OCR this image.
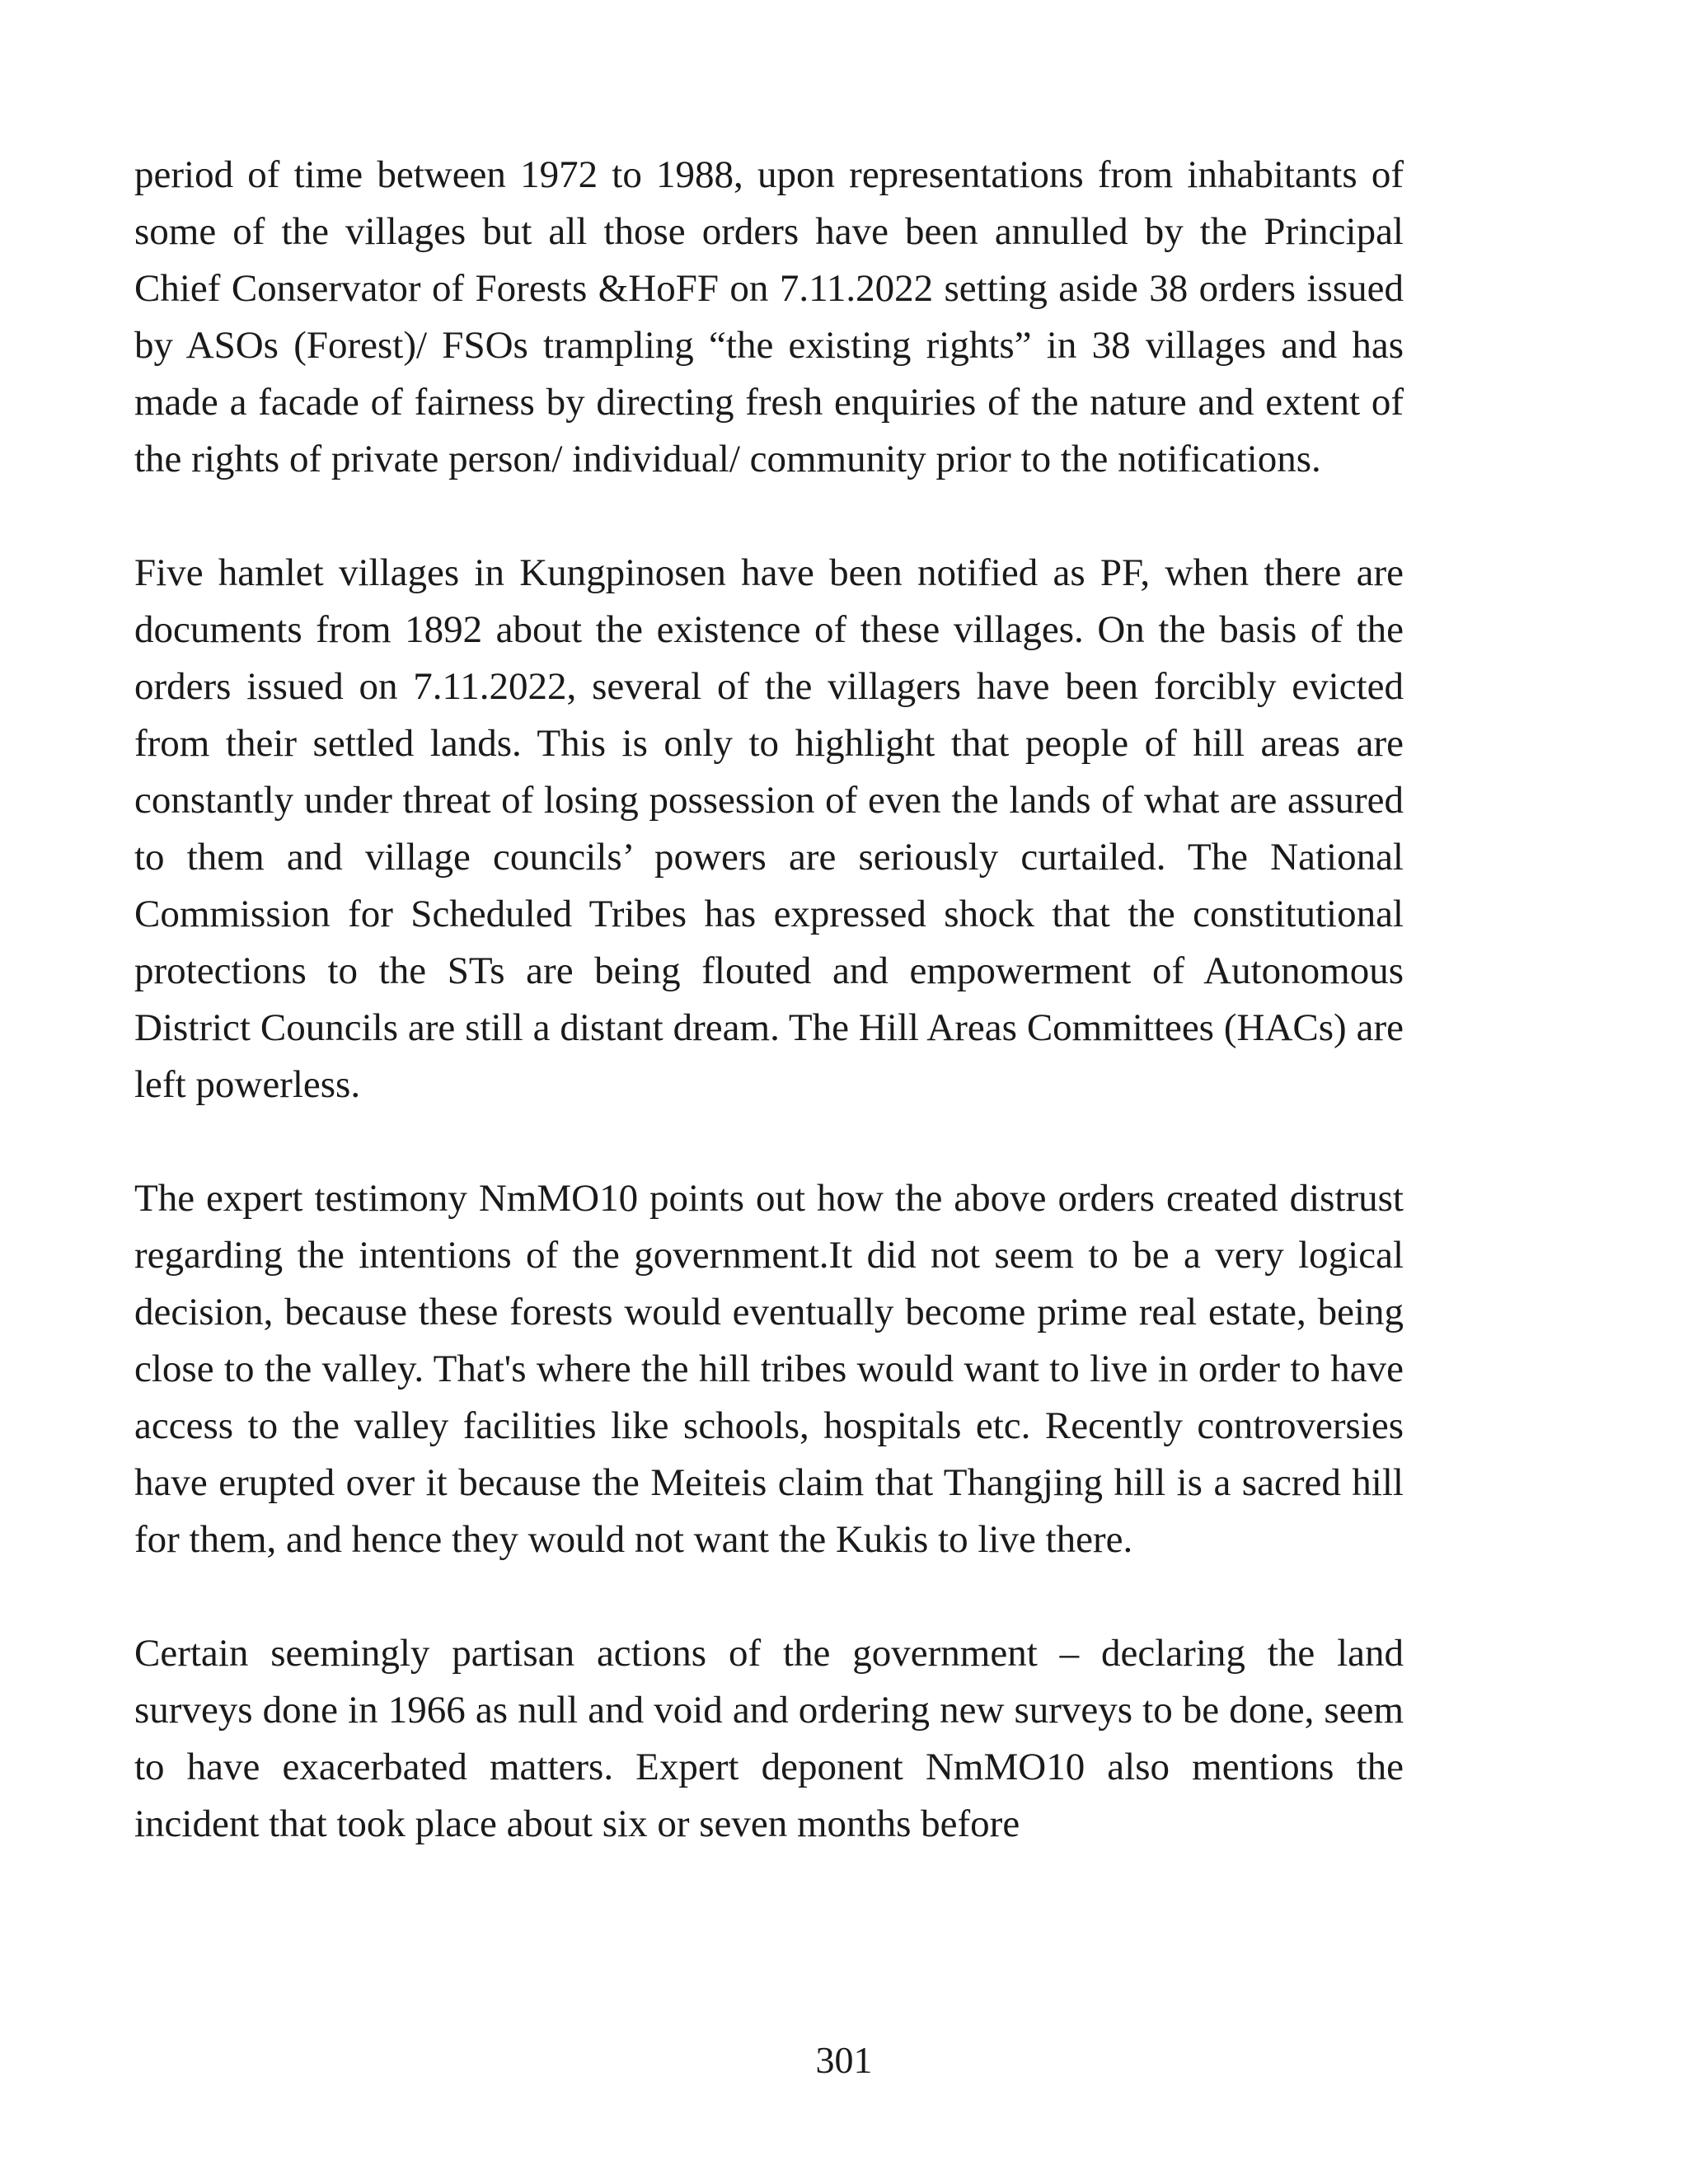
period of time between 1972 to 1988, upon representations from inhabitants of some of the villages but all those orders have been annulled by the Principal Chief Conservator of Forests &HoFF on 7.11.2022 setting aside 38 orders issued by ASOs (Forest)/ FSOs trampling “the existing rights” in 38 villages and has made a facade of fairness by directing fresh enquiries of the nature and extent of the rights of private person/ individual/ community prior to the notifications.

Five hamlet villages in Kungpinosen have been notified as PF, when there are documents from 1892 about the existence of these villages. On the basis of the orders issued on 7.11.2022, several of the villagers have been forcibly evicted from their settled lands. This is only to highlight that people of hill areas are constantly under threat of losing possession of even the lands of what are assured to them and village councils’ powers are seriously curtailed. The National Commission for Scheduled Tribes has expressed shock that the constitutional protections to the STs are being flouted and empowerment of Autonomous District Councils are still a distant dream. The Hill Areas Committees (HACs) are left powerless.

The expert testimony NmMO10 points out how the above orders created distrust regarding the intentions of the government.It did not seem to be a very logical decision, because these forests would eventually become prime real estate, being close to the valley. That's where the hill tribes would want to live in order to have access to the valley facilities like schools, hospitals etc. Recently controversies have erupted over it because the Meiteis claim that Thangjing hill is a sacred hill for them, and hence they would not want the Kukis to live there.

Certain seemingly partisan actions of the government – declaring the land surveys done in 1966 as null and void and ordering new surveys to be done, seem to have exacerbated matters. Expert deponent NmMO10 also mentions the incident that took place about six or seven months before

301
